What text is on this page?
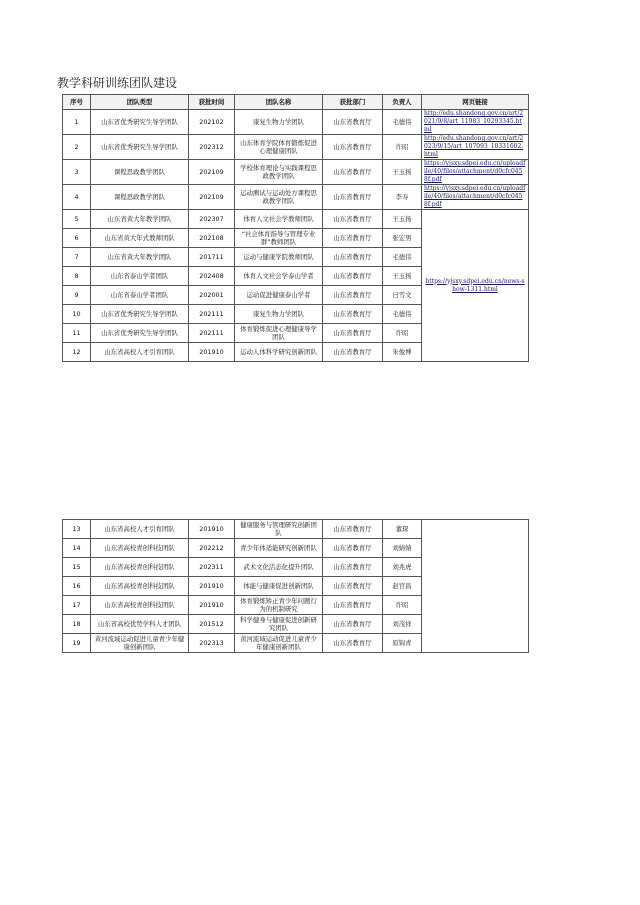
教学科研训练团队建设
序号	团队类型	获批时间	团队名称	获批部门	负责人	网页链接
1	山东省优秀研究生导学团队	202102	康复生物力学团队	山东省教育厅	毛德伟	http://edu.shandong.gov.cn/art/2021/9/8/art_11983_10293345.html
2	山东省优秀研究生导学团队	202312	山东体育学院体育锻炼促进心理健康团队	山东省教育厅	许昭	http://edu.shandong.gov.cn/art/2023/9/15/art_107093_10331602.html
3	课程思政教学团队	202109	学校体育理论与实践课程思政教学团队	山东省教育厅	王玉扬	https://yjsxy.sdpei.edu.cn/uploadfile/40/files/attachment/d0cfc0458f.pdf
4	课程思政教学团队	202109	运动测试与运动处方课程思政教学团队	山东省教育厅	李寿	https://yjsxy.sdpei.edu.cn/uploadfile/40/files/attachment/d0cfc0458f.pdf
5	山东省黄大年教学团队	202307	体育人文社会学教师团队	山东省教育厅	王玉扬	https://yjsxy.sdpei.edu.cn/news-show-1311.html
6	山东省黄大年式教师团队	202108	“社会体育指导与管理专业群”教师团队	山东省教育厅	张宏男	
7	山东省黄大年教学团队	201711	运动与健康学院教师团队	山东省教育厅	毛德伟	
8	山东省泰山学者团队	202408	体育人文社会学泰山学者	山东省教育厅	王玉扬	
9	山东省泰山学者团队	202001	运动促进健康泰山学者	山东省教育厅	曰雪文	
10	山东省优秀研究生导学团队	202111	康复生物力学团队	山东省教育厅	毛德伟	
11	山东省优秀研究生导学团队	202111	体育锻炼促进心理健康导学团队	山东省教育厅	许昭	
12	山东省高校人才引育团队	201910	运动人体科学研究创新团队	山东省教育厅	朱俊博	
13	山东省高校人才引育团队	201910	健康服务与管理研究创新团队	山东省教育厅	董琛	
14	山东省高校青创科技团队	202212	青少年体适能研究创新团队	山东省教育厅	刘婧婧	
15	山东省高校青创科技团队	202311	武术文化活态化提升团队	山东省教育厅	刘兆虎	
16	山东省高校青创科技团队	201910	体能与健康促进创新团队	山东省教育厅	赵官昌	
17	山东省高校青创科技团队	201910	体育锻炼矫正青少年问题行为的机制研究	山东省教育厅	许昭	
18	山东省高校优势学科人才团队	201512	科学健身与健康促进创新研究团队	山东省教育厅	刘茂祥	
19	黄河流域运动促进儿童青少年健康创新团队	202313	黄河流域运动促进儿童青少年健康创新团队	山东省教育厅	原锦青	
